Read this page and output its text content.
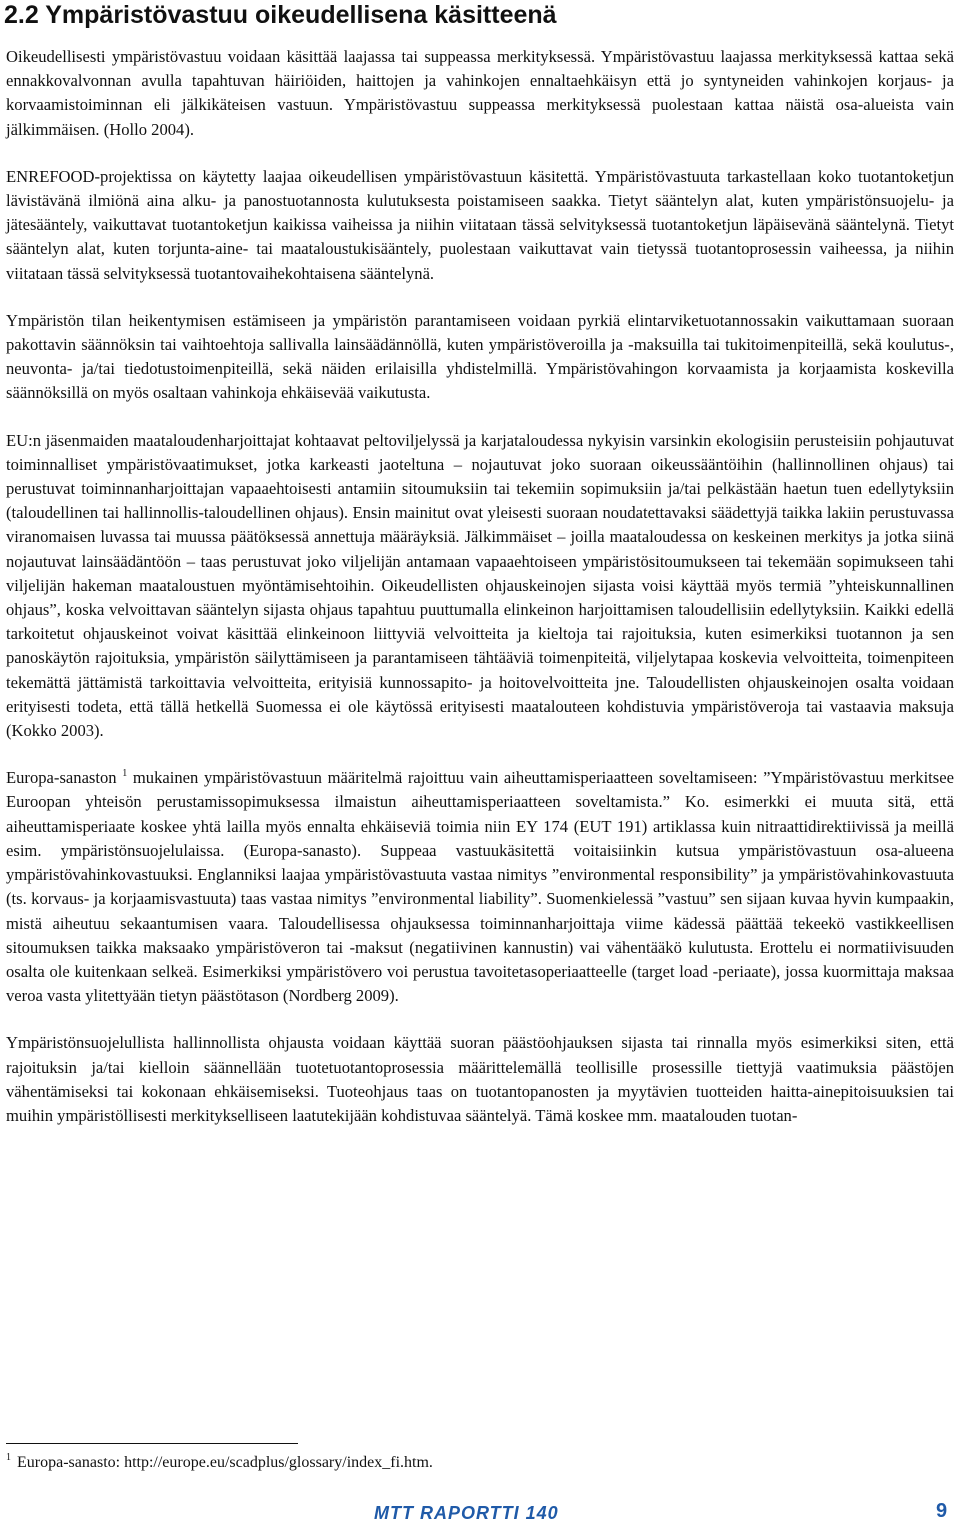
2.2 Ympäristövastuu oikeudellisena käsitteenä

Oikeudellisesti ympäristövastuu voidaan käsittää laajassa tai suppeassa merkityksessä. Ympäristövastuu laajassa merkityksessä kattaa sekä ennakkovalvonnan avulla tapahtuvan häiriöiden, haittojen ja vahinkojen ennaltaehkäisyn että jo syntyneiden vahinkojen korjaus- ja korvaamistoiminnan eli jälkikäteisen vastuun. Ympäristövastuu suppeassa merkityksessä puolestaan kattaa näistä osa-alueista vain jälkimmäisen. (Hollo 2004).

ENREFOOD-projektissa on käytetty laajaa oikeudellisen ympäristövastuun käsitettä. Ympäristövastuuta tarkastellaan koko tuotantoketjun lävistävänä ilmiönä aina alku- ja panostuotannosta kulutuksesta poistamiseen saakka. Tietyt sääntelyn alat, kuten ympäristönsuojelu- ja jätesääntely, vaikuttavat tuotantoketjun kaikissa vaiheissa ja niihin viitataan tässä selvityksessä tuotantoketjun läpäisevänä sääntelynä. Tietyt sääntelyn alat, kuten torjunta-aine- tai maataloustukisääntely, puolestaan vaikuttavat vain tietyssä tuotantoprosessin vaiheessa, ja niihin viitataan tässä selvityksessä tuotantovaihekohtaisena sääntelynä.

Ympäristön tilan heikentymisen estämiseen ja ympäristön parantamiseen voidaan pyrkiä elintarviketuotannossakin vaikuttamaan suoraan pakottavin säännöksin tai vaihtoehtoja sallivalla lainsäädännöllä, kuten ympäristöveroilla ja -maksuilla tai tukitoimenpiteillä, sekä koulutus-, neuvonta- ja/tai tiedotustoimenpiteillä, sekä näiden erilaisilla yhdistelmillä. Ympäristövahingon korvaamista ja korjaamista koskevilla säännöksillä on myös osaltaan vahinkoja ehkäisevää vaikutusta.

EU:n jäsenmaiden maataloudenharjoittajat kohtaavat peltoviljelyssä ja karjataloudessa nykyisin varsinkin ekologisiin perusteisiin pohjautuvat toiminnalliset ympäristövaatimukset, jotka karkeasti jaoteltuna – nojautuvat joko suoraan oikeussääntöihin (hallinnollinen ohjaus) tai perustuvat toiminnanharjoittajan vapaaehtoisesti antamiin sitoumuksiin tai tekemiin sopimuksiin ja/tai pelkästään haetun tuen edellytyksiin (taloudellinen tai hallinnollis-taloudellinen ohjaus). Ensin mainitut ovat yleisesti suoraan noudatettavaksi säädettyjä taikka lakiin perustuvassa viranomaisen luvassa tai muussa päätöksessä annettuja määräyksiä. Jälkimmäiset – joilla maataloudessa on keskeinen merkitys ja jotka siinä nojautuvat lainsäädäntöön – taas perustuvat joko viljelijän antamaan vapaaehtoiseen ympäristösitoumukseen tai tekemään sopimukseen tahi viljelijän hakeman maataloustuen myöntämisehtoihin. Oikeudellisten ohjauskeinojen sijasta voisi käyttää myös termiä ”yhteiskunnallinen ohjaus”, koska velvoittavan sääntelyn sijasta ohjaus tapahtuu puuttumalla elinkeinon harjoittamisen taloudellisiin edellytyksiin. Kaikki edellä tarkoitetut ohjauskeinot voivat käsittää elinkeinoon liittyviä velvoitteita ja kieltoja tai rajoituksia, kuten esimerkiksi tuotannon ja sen panoskäytön rajoituksia, ympäristön säilyttämiseen ja parantamiseen tähtääviä toimenpiteitä, viljelytapaa koskevia velvoitteita, toimenpiteen tekemättä jättämistä tarkoittavia velvoitteita, erityisiä kunnossapito- ja hoitovelvoitteita jne. Taloudellisten ohjauskeinojen osalta voidaan erityisesti todeta, että tällä hetkellä Suomessa ei ole käytössä erityisesti maatalouteen kohdistuvia ympäristöveroja tai vastaavia maksuja (Kokko 2003).

Europa-sanaston $^1$ mukainen ympäristövastuun määritelmä rajoittuu vain aiheuttamisperiaatteen soveltamiseen: ”Ympäristövastuu merkitsee Euroopan yhteisön perustamissopimuksessa ilmaistun aiheuttamisperiaatteen soveltamista.” Ko. esimerkki ei muuta sitä, että aiheuttamisperiaate koskee yhtä lailla myös ennalta ehkäiseviä toimia niin EY 174 (EUT 191) artiklassa kuin nitraattidirektiivissä ja meillä esim. ympäristönsuojelulaissa. (Europa-sanasto). Suppeaa vastuukäsitettä voitaisiinkin kutsua ympäristövastuun osa-alueena ympäristövahinkovastuuksi. Englanniksi laajaa ympäristövastuuta vastaa nimitys ”environmental responsibility” ja ympäristövahinkovastuuta (ts. korvaus- ja korjaamisvastuuta) taas vastaa nimitys ”environmental liability”. Suomenkielessä ”vastuu” sen sijaan kuvaa hyvin kumpaakin, mistä aiheutuu sekaantumisen vaara. Taloudellisessa ohjauksessa toiminnanharjoittaja viime kädessä päättää tekeekö vastikkeellisen sitoumuksen taikka maksaako ympäristöveron tai -maksut (negatiivinen kannustin) vai vähentääkö kulutusta. Erottelu ei normatiivisuuden osalta ole kuitenkaan selkeä. Esimerkiksi ympäristövero voi perustua tavoitetasoperiaatteelle (target load -periaate), jossa kuormittaja maksaa veroa vasta ylitettyään tietyn päästötason (Nordberg 2009).

Ympäristönsuojelullista hallinnollista ohjausta voidaan käyttää suoran päästöohjauksen sijasta tai rinnalla myös esimerkiksi siten, että rajoituksin ja/tai kielloin säännellään tuotetuotantoprosessia määrittelemällä teollisille prosessille tiettyjä vaatimuksia päästöjen vähentämiseksi tai kokonaan ehkäisemiseksi. Tuoteohjaus taas on tuotantopanosten ja myytävien tuotteiden haitta-ainepitoisuuksien tai muihin ympäristöllisesti merkitykselliseen laatutekijään kohdistuvaa sääntelyä. Tämä koskee mm. maatalouden tuotan-

$^1$ Europa-sanasto: http://europe.eu/scadplus/glossary/index_fi.htm.
MTT RAPORTTI 140	9
